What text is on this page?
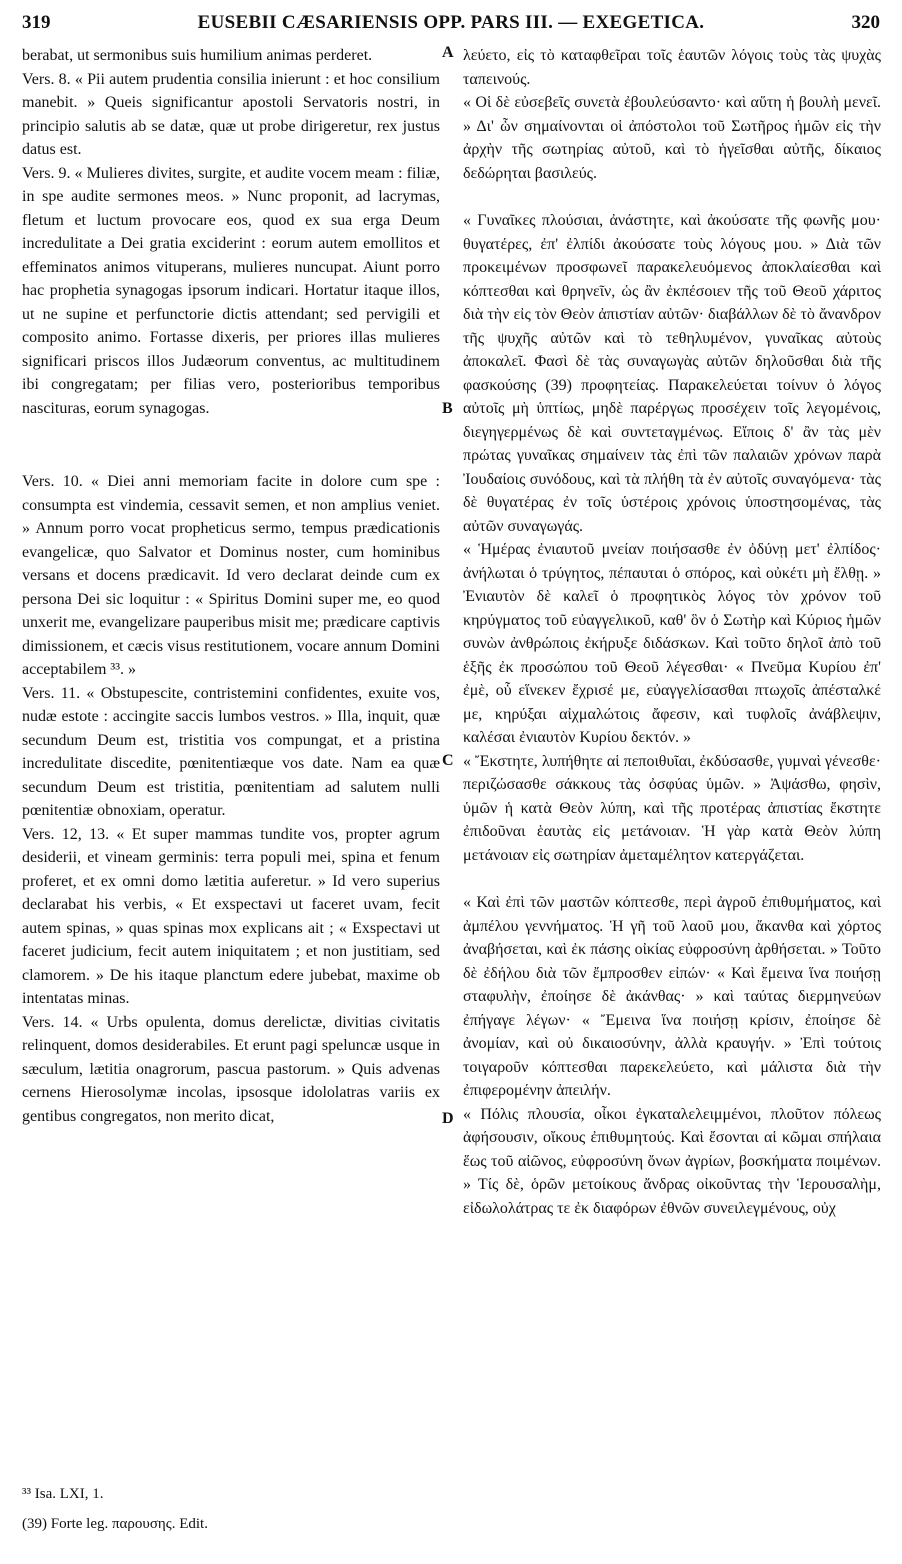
319	EUSEBII CÆSARIENSIS OPP. PARS III. — EXEGETICA.	320

berabat, ut sermonibus suis humilium animas perderet.

Vers. 8. « Pii autem prudentia consilia inierunt : et hoc consilium manebit. » Queis significantur apostoli Servatoris nostri, in principio salutis ab se datæ, quæ ut probe dirigeretur, rex justus datus est.

Vers. 9. « Mulieres divites, surgite, et audite vocem meam : filiæ, in spe audite sermones meos. » Nunc proponit, ad lacrymas, fletum et luctum provocare eos, quod ex sua erga Deum incredulitate a Dei gratia exciderint : eorum autem emollitos et effeminatos animos vituperans, mulieres nuncupat. Aiunt porro hac prophetia synagogas ipsorum indicari. Hortatur itaque illos, ut ne supine et perfunctorie dictis attendant; sed pervigili et composito animo. Fortasse dixeris, per priores illas mulieres significari priscos illos Judæorum conventus, ac multitudinem ibi congregatam; per filias vero, posterioribus temporibus nascituras, eorum synagogas.

Vers. 10. « Diei anni memoriam facite in dolore cum spe : consumpta est vindemia, cessavit semen, et non amplius veniet. » Annum porro vocat propheticus sermo, tempus prædicationis evangelicæ, quo Salvator et Dominus noster, cum hominibus versans et docens prædicavit. Id vero declarat deinde cum ex persona Dei sic loquitur : « Spiritus Domini super me, eo quod unxerit me, evangelizare pauperibus misit me; prædicare captivis dimissionem, et cæcis visus restitutionem, vocare annum Domini acceptabilem ³³. »

Vers. 11. « Obstupescite, contristemini confidentes, exuite vos, nudæ estote : accingite saccis lumbos vestros. » Illa, inquit, quæ secundum Deum est, tristitia vos compungat, et a pristina incredulitate discedite, pœnitentiæque vos date. Nam ea quæ secundum Deum est tristitia, pœnitentiam ad salutem nulli pœnitentiæ obnoxiam, operatur.

Vers. 12, 13. « Et super mammas tundite vos, propter agrum desiderii, et vineam germinis: terra populi mei, spina et fenum proferet, et ex omni domo lætitia auferetur. » Id vero superius declarabat his verbis, « Et exspectavi ut faceret uvam, fecit autem spinas, » quas spinas mox explicans ait ; « Exspectavi ut faceret judicium, fecit autem iniquitatem ; et non justitiam, sed clamorem. » De his itaque planctum edere jubebat, maxime ob intentatas minas.

Vers. 14. « Urbs opulenta, domus derelictæ, divitias civitatis relinquent, domos desiderabiles. Et erunt pagi speluncæ usque in sæculum, lætitia onagrorum, pascua pastorum. » Quis advenas cernens Hierosolymæ incolas, ipsosque idololatras variis ex gentibus congregatos, non merito dicat,

λεύετο, εἰς τὸ καταφθεῖραι τοῖς ἑαυτῶν λόγοις τοὺς τὰς ψυχὰς ταπεινούς.

« Οἱ δὲ εὐσεβεῖς συνετὰ ἐβουλεύσαντο· καὶ αὕτη ἡ βουλὴ μενεῖ. » Δι' ὧν σημαίνονται οἱ ἀπόστολοι τοῦ Σωτῆρος ἡμῶν εἰς τὴν ἀρχὴν τῆς σωτηρίας αὐτοῦ, καὶ τὸ ἡγεῖσθαι αὐτῆς, δίκαιος δεδώρηται βασιλεύς.

« Γυναῖκες πλούσιαι, ἀνάστητε, καὶ ἀκούσατε τῆς φωνῆς μου· θυγατέρες, ἐπ' ἐλπίδι ἀκούσατε τοὺς λόγους μου. » Διὰ τῶν προκειμένων προσφωνεῖ παρακελευόμενος ἀποκλαίεσθαι καὶ κόπτεσθαι καὶ θρηνεῖν, ὡς ἂν ἐκπέσοιεν τῆς τοῦ Θεοῦ χάριτος διὰ τὴν εἰς τὸν Θεὸν ἀπιστίαν αὐτῶν· διαβάλλων δὲ τὸ ἄνανδρον τῆς ψυχῆς αὐτῶν καὶ τὸ τεθηλυμένον, γυναῖκας αὐτοὺς ἀποκαλεῖ. Φασὶ δὲ τὰς συναγωγὰς αὐτῶν δηλοῦσθαι διὰ τῆς φασκούσης (39) προφητείας. Παρακελεύεται τοίνυν ὁ λόγος αὐτοῖς μὴ ὑπτίως, μηδὲ παρέργως προσέχειν τοῖς λεγομένοις, διεγηγερμένως δὲ καὶ συντεταγμένως. Εἴποις δ' ἂν τὰς μὲν πρώτας γυναῖκας σημαίνειν τὰς ἐπὶ τῶν παλαιῶν χρόνων παρὰ Ἰουδαίοις συνόδους, καὶ τὰ πλήθη τὰ ἐν αὐτοῖς συναγόμενα· τὰς δὲ θυγατέρας ἐν τοῖς ὑστέροις χρόνοις ὑποστησομένας, τὰς αὐτῶν συναγωγάς.

« Ἡμέρας ἐνιαυτοῦ μνείαν ποιήσασθε ἐν ὀδύνῃ μετ' ἐλπίδος· ἀνήλωται ὁ τρύγητος, πέπαυται ὁ σπόρος, καὶ οὐκέτι μὴ ἔλθῃ. » Ἐνιαυτὸν δὲ καλεῖ ὁ προφητικὸς λόγος τὸν χρόνον τοῦ κηρύγματος τοῦ εὐαγγελικοῦ, καθ' ὃν ὁ Σωτὴρ καὶ Κύριος ἡμῶν συνὼν ἀνθρώποις ἐκήρυξε διδάσκων. Καὶ τοῦτο δηλοῖ ἀπὸ τοῦ ἑξῆς ἐκ προσώπου τοῦ Θεοῦ λέγεσθαι· « Πνεῦμα Κυρίου ἐπ' ἐμὲ, οὗ εἵνεκεν ἔχρισέ με, εὐαγγελίσασθαι πτωχοῖς ἀπέσταλκέ με, κηρύξαι αἰχμαλώτοις ἄφεσιν, καὶ τυφλοῖς ἀνάβλεψιν, καλέσαι ἐνιαυτὸν Κυρίου δεκτόν. »

« Ἔκστητε, λυπήθητε αἱ πεποιθυῖαι, ἐκδύσασθε, γυμναὶ γένεσθε· περιζώσασθε σάκκους τὰς ὀσφύας ὑμῶν. » Ἀψάσθω, φησὶν, ὑμῶν ἡ κατὰ Θεὸν λύπη, καὶ τῆς προτέρας ἀπιστίας ἔκστητε ἐπιδοῦναι ἑαυτὰς εἰς μετάνοιαν. Ἡ γὰρ κατὰ Θεὸν λύπη μετάνοιαν εἰς σωτηρίαν ἀμεταμέλητον κατεργάζεται.

« Καὶ ἐπὶ τῶν μαστῶν κόπτεσθε, περὶ ἀγροῦ ἐπιθυμήματος, καὶ ἀμπέλου γεννήματος. Ἡ γῆ τοῦ λαοῦ μου, ἄκανθα καὶ χόρτος ἀναβήσεται, καὶ ἐκ πάσης οἰκίας εὐφροσύνη ἀρθήσεται. » Τοῦτο δὲ ἐδήλου διὰ τῶν ἔμπροσθεν εἰπών· « Καὶ ἔμεινα ἵνα ποιήσῃ σταφυλὴν, ἐποίησε δὲ ἀκάνθας· » καὶ ταύτας διερμηνεύων ἐπήγαγε λέγων· « Ἔμεινα ἵνα ποιήσῃ κρίσιν, ἐποίησε δὲ ἀνομίαν, καὶ οὐ δικαιοσύνην, ἀλλὰ κραυγήν. » Ἐπὶ τούτοις τοιγαροῦν κόπτεσθαι παρεκελεύετο, καὶ μάλιστα διὰ τὴν ἐπιφερομένην ἀπειλήν.

« Πόλις πλουσία, οἶκοι ἐγκαταλελειμμένοι, πλοῦτον πόλεως ἀφήσουσιν, οἴκους ἐπιθυμητούς. Καὶ ἔσονται αἱ κῶμαι σπήλαια ἕως τοῦ αἰῶνος, εὐφροσύνη ὄνων ἀγρίων, βοσκήματα ποιμένων. » Τίς δὲ, ὁρῶν μετοίκους ἄνδρας οἰκοῦντας τὴν Ἱερουσαλὴμ, εἰδωλολάτρας τε ἐκ διαφόρων ἐθνῶν συνειλεγμένους, οὐχ

A
B
C
D
³³ Isa. LXI, 1.
(39) Forte leg. παρουσης. Edit.
